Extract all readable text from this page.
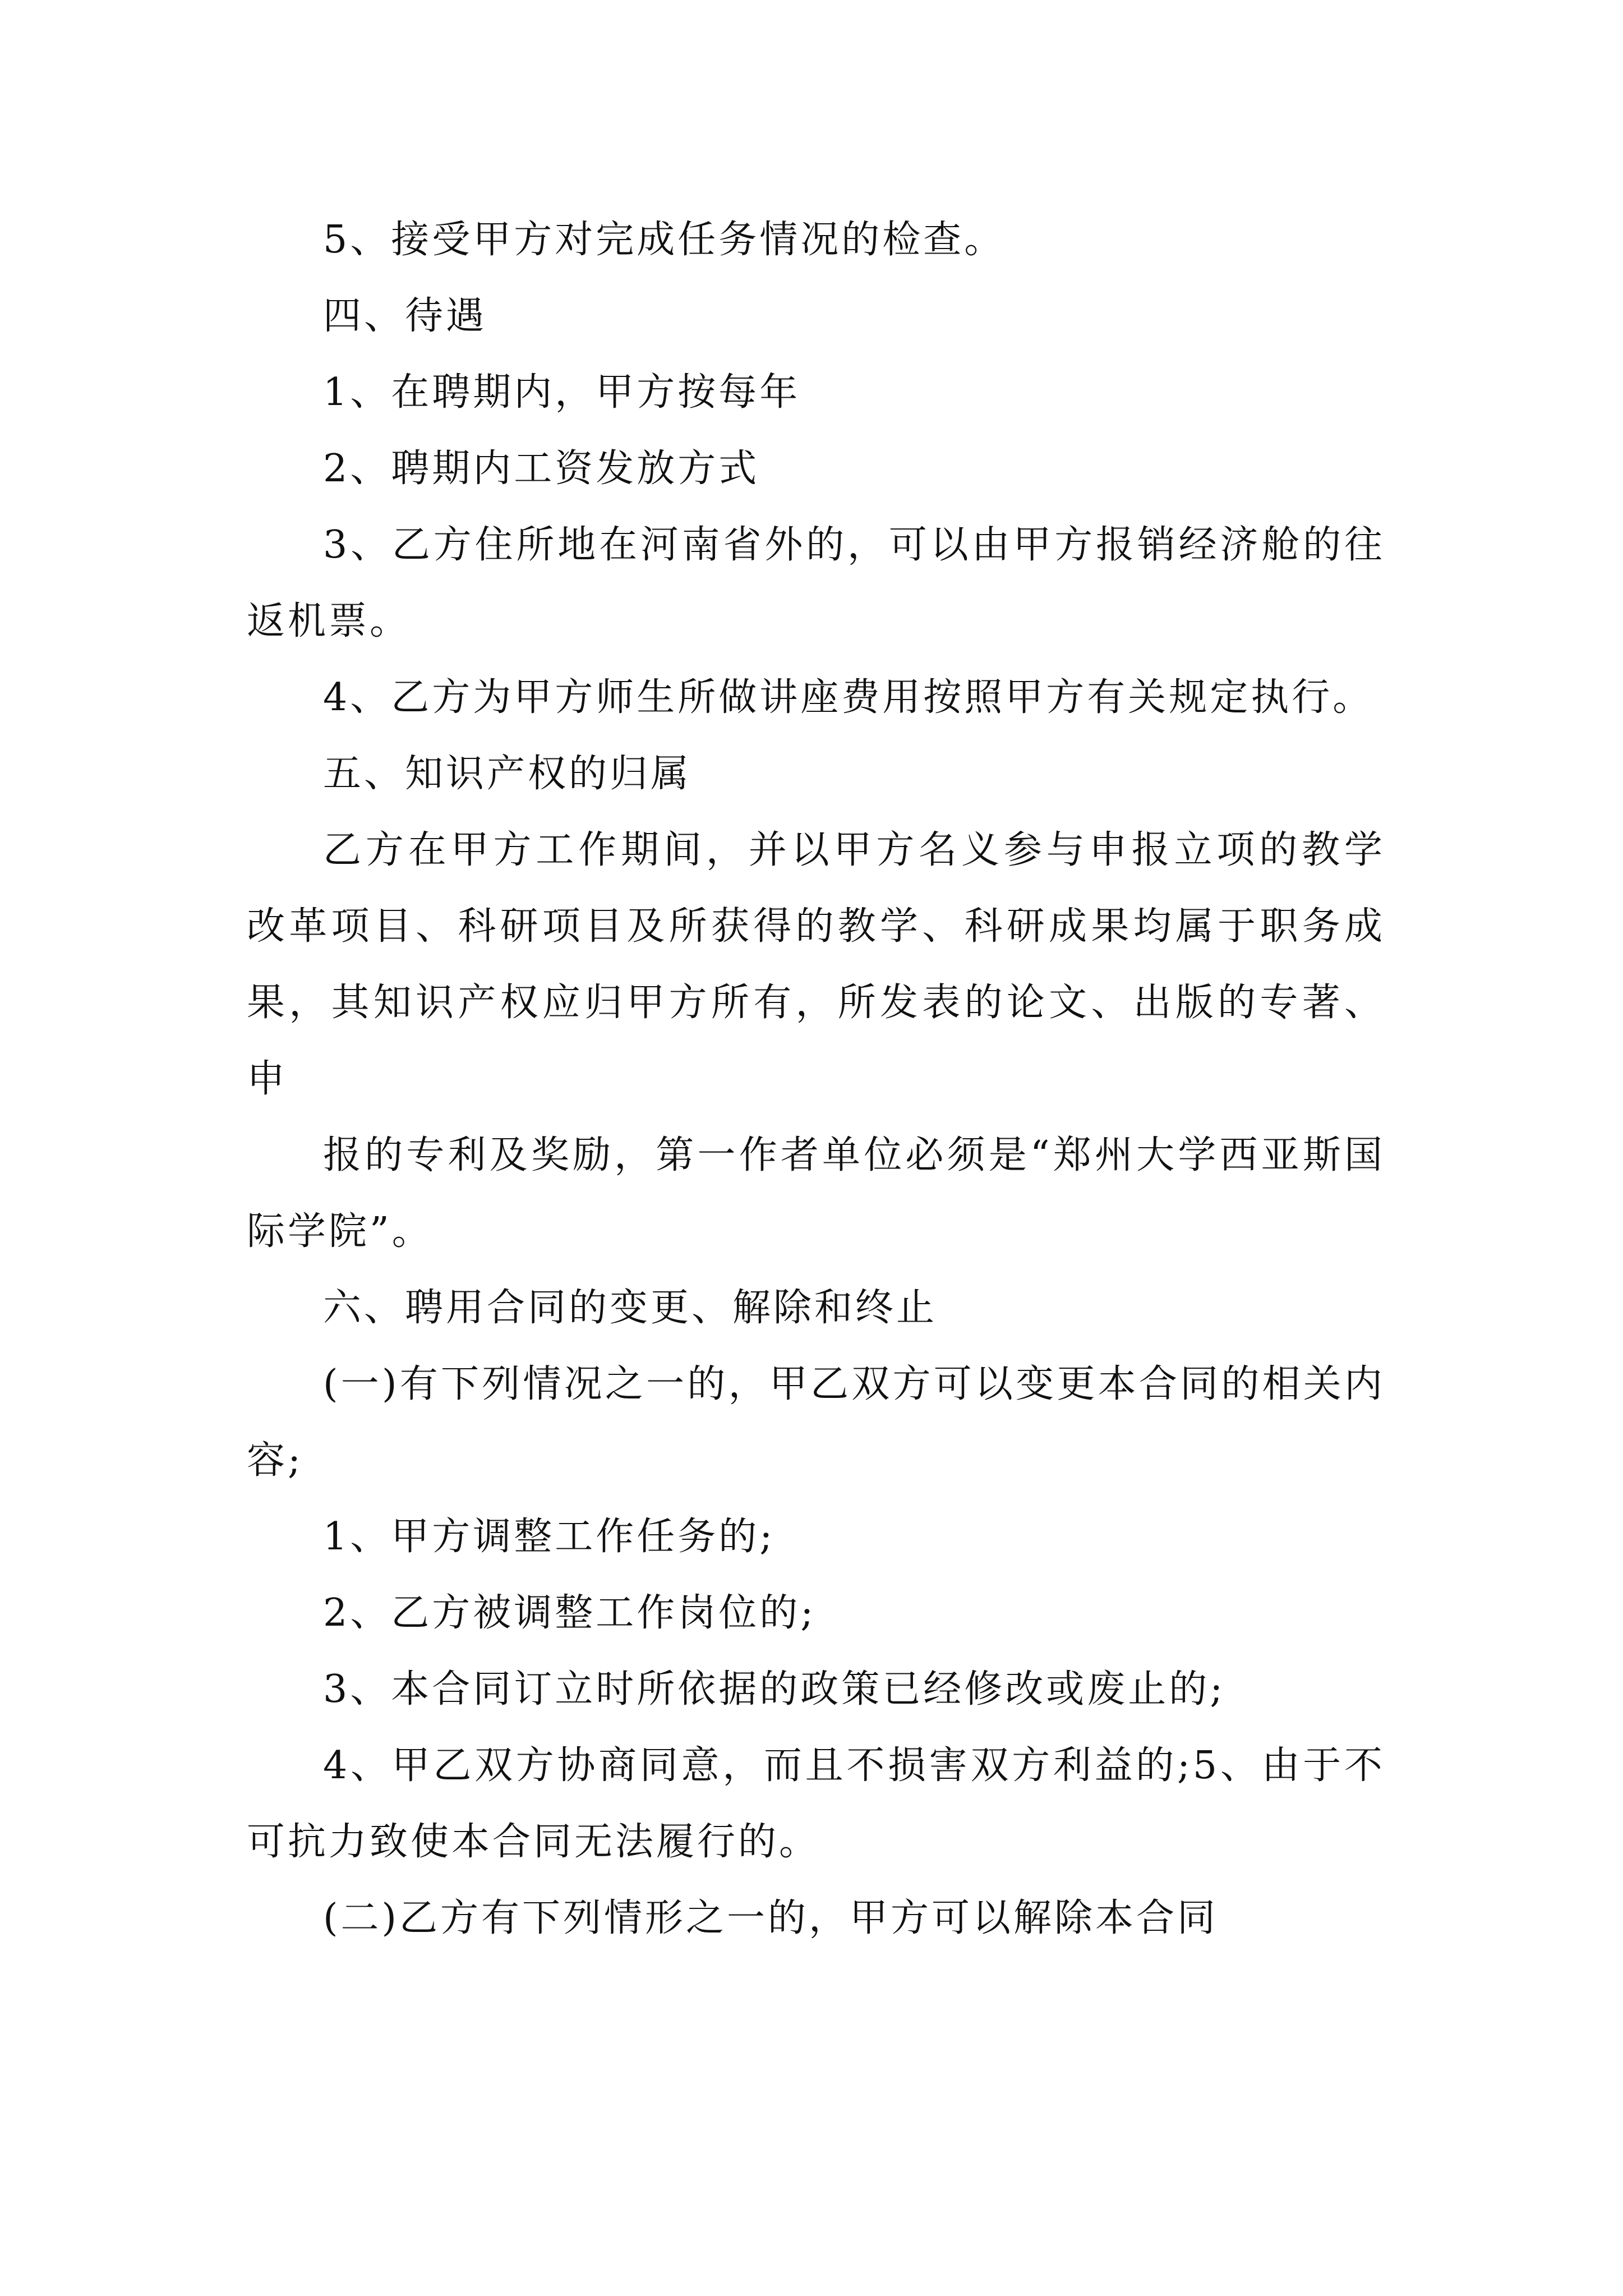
5、接受甲方对完成任务情况的检查。

四、待遇

1、在聘期内，甲方按每年

2、聘期内工资发放方式

3、乙方住所地在河南省外的，可以由甲方报销经济舱的往返机票。

4、乙方为甲方师生所做讲座费用按照甲方有关规定执行。

五、知识产权的归属

乙方在甲方工作期间，并以甲方名义参与申报立项的教学改革项目、科研项目及所获得的教学、科研成果均属于职务成果，其知识产权应归甲方所有，所发表的论文、出版的专著、申

报的专利及奖励，第一作者单位必须是“郑州大学西亚斯国际学院”。

六、聘用合同的变更、解除和终止

(一)有下列情况之一的，甲乙双方可以变更本合同的相关内容;

1、甲方调整工作任务的;

2、乙方被调整工作岗位的;

3、本合同订立时所依据的政策已经修改或废止的;

4、甲乙双方协商同意，而且不损害双方利益的;5、由于不可抗力致使本合同无法履行的。

(二)乙方有下列情形之一的，甲方可以解除本合同
